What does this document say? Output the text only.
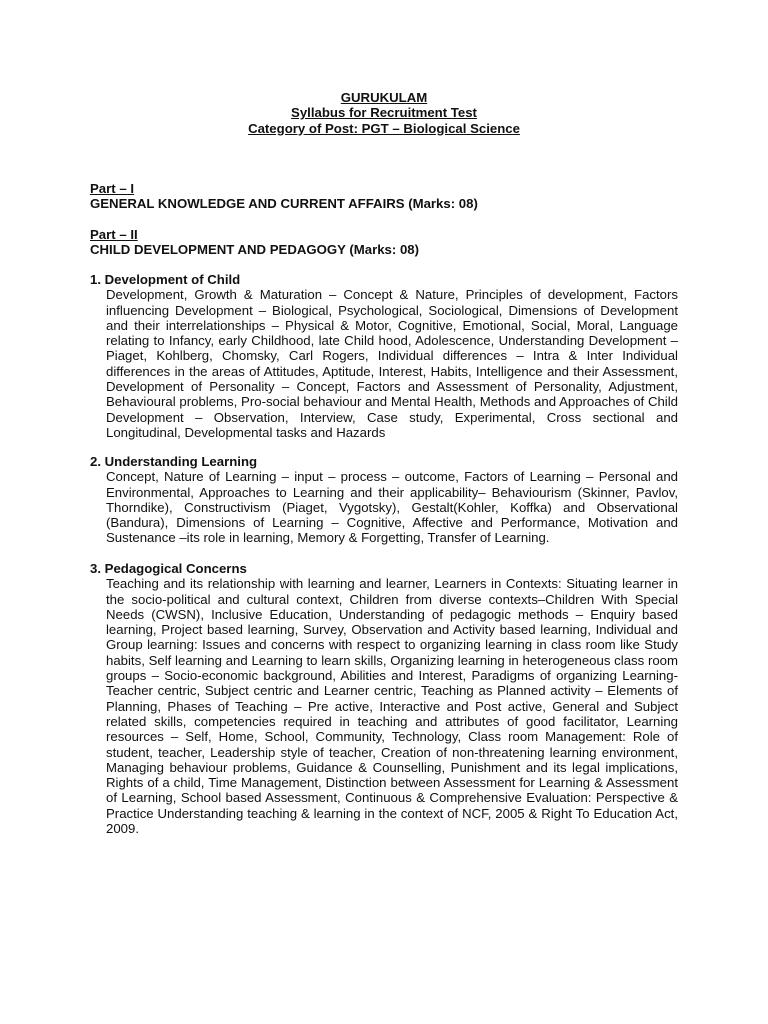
GURUKULAM
Syllabus for Recruitment Test
Category of Post: PGT – Biological Science
Part – I
GENERAL KNOWLEDGE AND CURRENT AFFAIRS (Marks: 08)
Part – II
CHILD DEVELOPMENT AND PEDAGOGY (Marks: 08)
1. Development of Child
Development, Growth & Maturation – Concept & Nature, Principles of development, Factors influencing Development – Biological, Psychological, Sociological, Dimensions of Development and their interrelationships – Physical & Motor, Cognitive, Emotional, Social, Moral, Language relating to Infancy, early Childhood, late Child hood, Adolescence, Understanding Development – Piaget, Kohlberg, Chomsky, Carl Rogers, Individual differences – Intra & Inter Individual differences in the areas of Attitudes, Aptitude, Interest, Habits, Intelligence and their Assessment, Development of Personality – Concept, Factors and Assessment of Personality, Adjustment, Behavioural problems, Pro-social behaviour and Mental Health, Methods and Approaches of Child Development – Observation, Interview, Case study, Experimental, Cross sectional and Longitudinal, Developmental tasks and Hazards
2. Understanding Learning
Concept, Nature of Learning – input – process – outcome, Factors of Learning – Personal and Environmental, Approaches to Learning and their applicability– Behaviourism (Skinner, Pavlov, Thorndike), Constructivism (Piaget, Vygotsky), Gestalt(Kohler, Koffka) and Observational (Bandura), Dimensions of Learning – Cognitive, Affective and Performance, Motivation and Sustenance –its role in learning, Memory & Forgetting, Transfer of Learning.
3. Pedagogical Concerns
Teaching and its relationship with learning and learner, Learners in Contexts: Situating learner in the socio-political and cultural context, Children from diverse contexts–Children With Special Needs (CWSN), Inclusive Education, Understanding of pedagogic methods – Enquiry based learning, Project based learning, Survey, Observation and Activity based learning, Individual and Group learning: Issues and concerns with respect to organizing learning in class room like Study habits, Self learning and Learning to learn skills, Organizing learning in heterogeneous class room groups – Socio-economic background, Abilities and Interest, Paradigms of organizing Learning-Teacher centric, Subject centric and Learner centric, Teaching as Planned activity – Elements of Planning, Phases of Teaching – Pre active, Interactive and Post active, General and Subject related skills, competencies required in teaching and attributes of good facilitator, Learning resources – Self, Home, School, Community, Technology, Class room Management: Role of student, teacher, Leadership style of teacher, Creation of non-threatening learning environment, Managing behaviour problems, Guidance & Counselling, Punishment and its legal implications, Rights of a child, Time Management, Distinction between Assessment for Learning & Assessment of Learning, School based Assessment, Continuous & Comprehensive Evaluation: Perspective & Practice Understanding teaching & learning in the context of NCF, 2005 & Right To Education Act, 2009.
